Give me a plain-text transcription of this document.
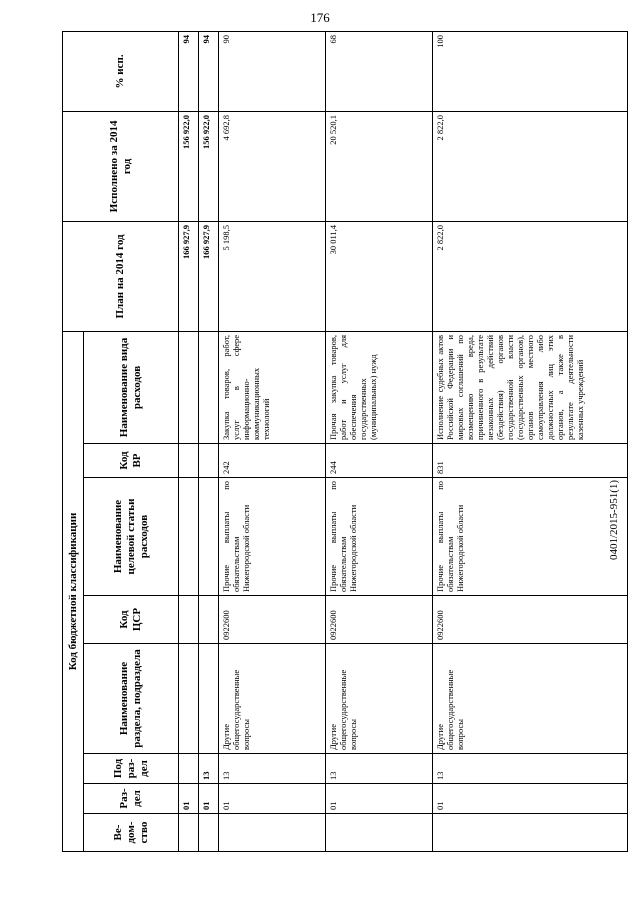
176
0401/2015-951(1)
Код бюджетной классификации								План на 2014 год	Исполнено за 2014 год	% исп.
Ве-дом-ство	Раз-дел	Под раз-дел	Наименование раздела, подраздела	Код ЦСР	Наименование целевой статьи расходов	Код ВР	Наименование вида расходов			
	01							166 927,9	156 922,0	94
	01	13						166 927,9	156 922,0	94
	01	13	Другие общегосударственные вопросы	0922600	Прочие выплаты по обязательствам Нижегородской области	242	Закупка товаров, работ, услуг в сфере информационно-коммуникационных технологий	5 198,5	4 692,8	90
	01	13	Другие общегосударственные вопросы	0922600	Прочие выплаты по обязательствам Нижегородской области	244	Прочая закупка товаров, работ и услуг для обеспечения государственных (муниципальных) нужд	30 011,4	20 520,1	68
	01	13	Другие общегосударственные вопросы	0922600	Прочие выплаты по обязательствам Нижегородской области	831	Исполнение судебных актов Российской Федерации и мировых соглашений по возмещению вреда, причиненного в результате незаконных действий (бездействия) органов государственной власти (государственных органов), органов местного самоуправления либо должностных лиц этих органов, а также в результате деятельности казенных учреждений	2 822,0	2 822,0	100
